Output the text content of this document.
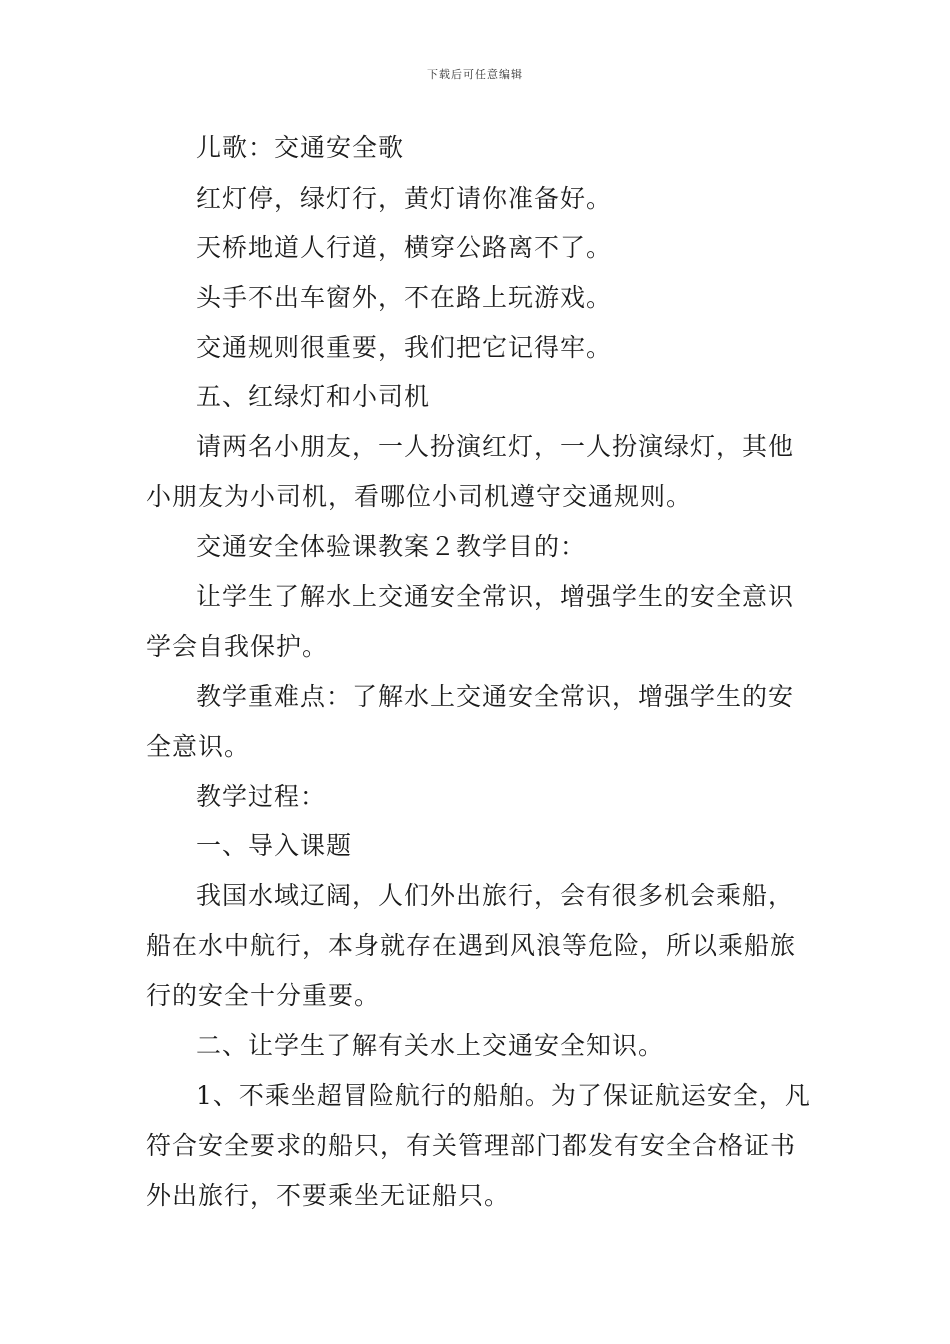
下载后可任意编辑
儿歌：交通安全歌
红灯停，绿灯行，黄灯请你准备好。
天桥地道人行道，横穿公路离不了。
头手不出车窗外，不在路上玩游戏。
交通规则很重要，我们把它记得牢。
五、红绿灯和小司机
请两名小朋友，一人扮演红灯，一人扮演绿灯，其他
小朋友为小司机，看哪位小司机遵守交通规则。
交通安全体验课教案２教学目的：
让学生了解水上交通安全常识，增强学生的安全意识
学会自我保护。
教学重难点：了解水上交通安全常识，增强学生的安
全意识。
教学过程：
一、导入课题
我国水域辽阔，人们外出旅行，会有很多机会乘船，
船在水中航行，本身就存在遇到风浪等危险，所以乘船旅
行的安全十分重要。
二、让学生了解有关水上交通安全知识。
1、不乘坐超冒险航行的船舶。为了保证航运安全，凡
符合安全要求的船只，有关管理部门都发有安全合格证书
外出旅行，不要乘坐无证船只。
